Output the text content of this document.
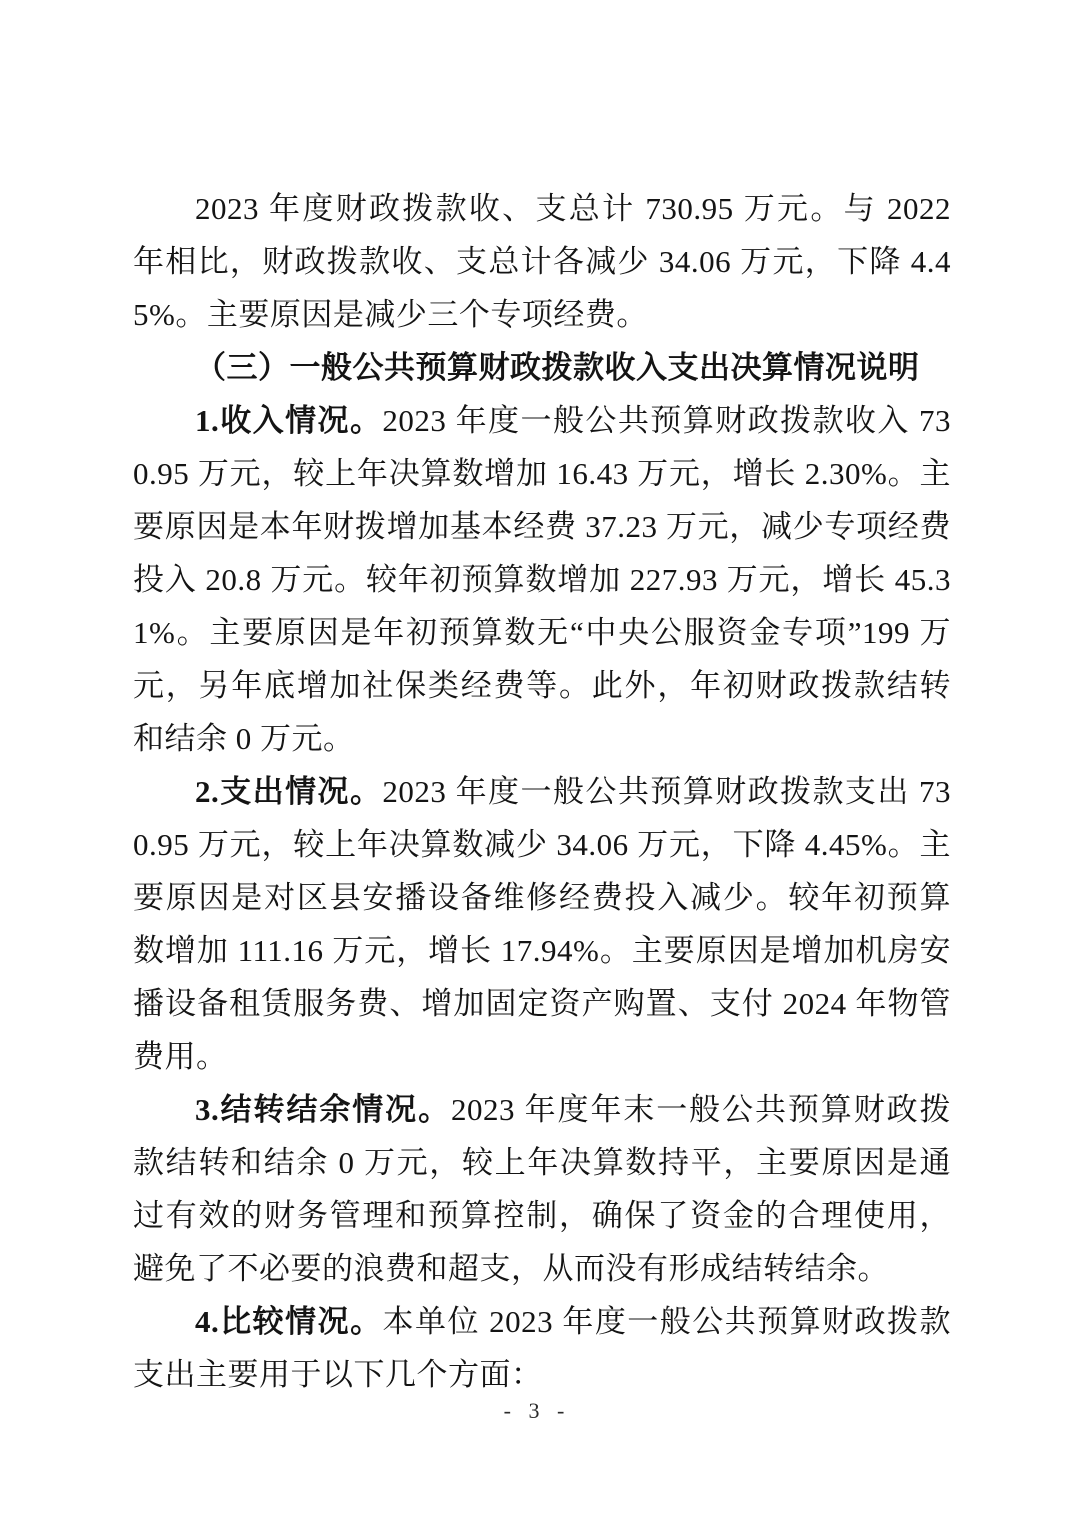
2023 年度财政拨款收、支总计 730.95 万元。与 2022 年相比，财政拨款收、支总计各减少 34.06 万元，下降 4.45%。主要原因是减少三个专项经费。

（三）一般公共预算财政拨款收入支出决算情况说明

1.收入情况。2023 年度一般公共预算财政拨款收入 730.95 万元，较上年决算数增加 16.43 万元，增长 2.30%。主要原因是本年财拨增加基本经费 37.23 万元，减少专项经费投入 20.8 万元。较年初预算数增加 227.93 万元，增长 45.31%。主要原因是年初预算数无“中央公服资金专项”199 万元，另年底增加社保类经费等。此外，年初财政拨款结转和结余 0 万元。

2.支出情况。2023 年度一般公共预算财政拨款支出 730.95 万元，较上年决算数减少 34.06 万元，下降 4.45%。主要原因是对区县安播设备维修经费投入减少。较年初预算数增加 111.16 万元，增长 17.94%。主要原因是增加机房安播设备租赁服务费、增加固定资产购置、支付 2024 年物管费用。

3.结转结余情况。2023 年度年末一般公共预算财政拨款结转和结余 0 万元，较上年决算数持平，主要原因是通过有效的财务管理和预算控制，确保了资金的合理使用，避免了不必要的浪费和超支，从而没有形成结转结余。

4.比较情况。本单位 2023 年度一般公共预算财政拨款支出主要用于以下几个方面：

- 3 -
